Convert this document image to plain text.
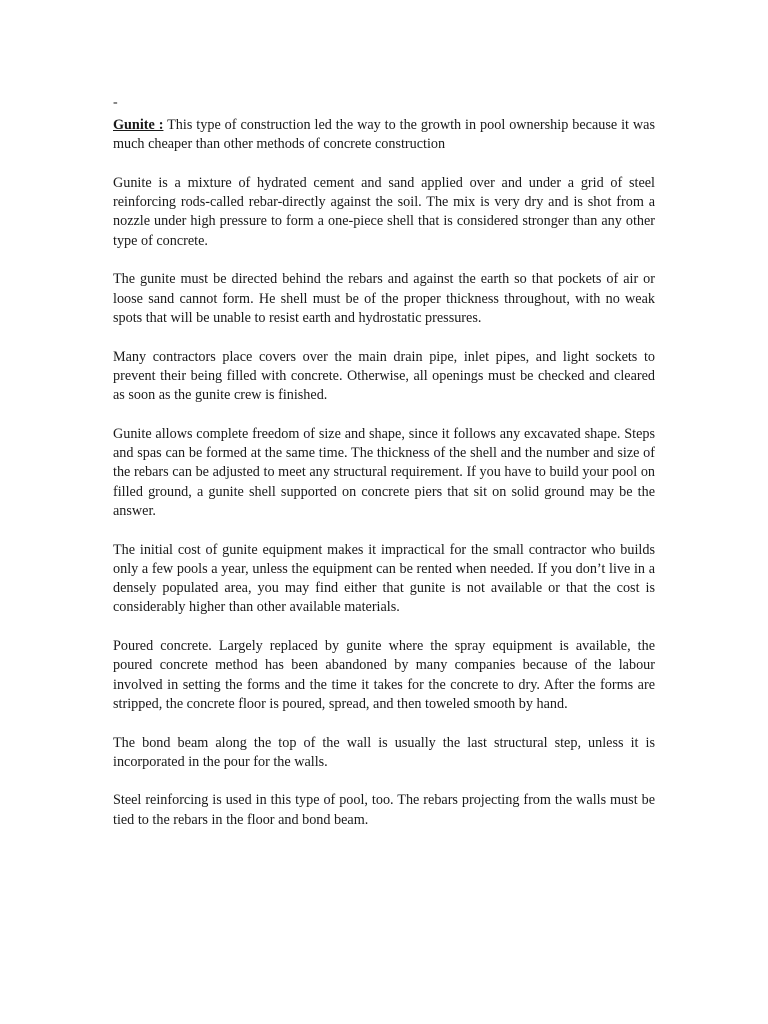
-

Gunite : This type of construction led the way to the growth in pool ownership because it was much cheaper than other methods of concrete construction

Gunite is a mixture of hydrated cement and sand applied over and under a grid of steel reinforcing rods-called rebar-directly against the soil. The mix is very dry and is shot from a nozzle under high pressure to form a one-piece shell that is considered stronger than any other type of concrete.

The gunite must be directed behind the rebars and against the earth so that pockets of air or loose sand cannot form. He shell must be of the proper thickness throughout, with no weak spots that will be unable to resist earth and hydrostatic pressures.

Many contractors place covers over the main drain pipe, inlet pipes, and light sockets to prevent their being filled with concrete. Otherwise, all openings must be checked and cleared as soon as the gunite crew is finished.

Gunite allows complete freedom of size and shape, since it follows any excavated shape. Steps and spas can be formed at the same time. The thickness of the shell and the number and size of the rebars can be adjusted to meet any structural requirement. If you have to build your pool on filled ground, a gunite shell supported on concrete piers that sit on solid ground may be the answer.

The initial cost of gunite equipment makes it impractical for the small contractor who builds only a few pools a year, unless the equipment can be rented when needed. If you don’t live in a densely populated area, you may find either that gunite is not available or that the cost is considerably higher than other available materials.

Poured concrete. Largely replaced by gunite where the spray equipment is available, the poured concrete method has been abandoned by many companies because of the labour involved in setting the forms and the time it takes for the concrete to dry. After the forms are stripped, the concrete floor is poured, spread, and then toweled smooth by hand.

The bond beam along the top of the wall is usually the last structural step, unless it is incorporated in the pour for the walls.

Steel reinforcing is used in this type of pool, too. The rebars projecting from the walls must be tied to the rebars in the floor and bond beam.
